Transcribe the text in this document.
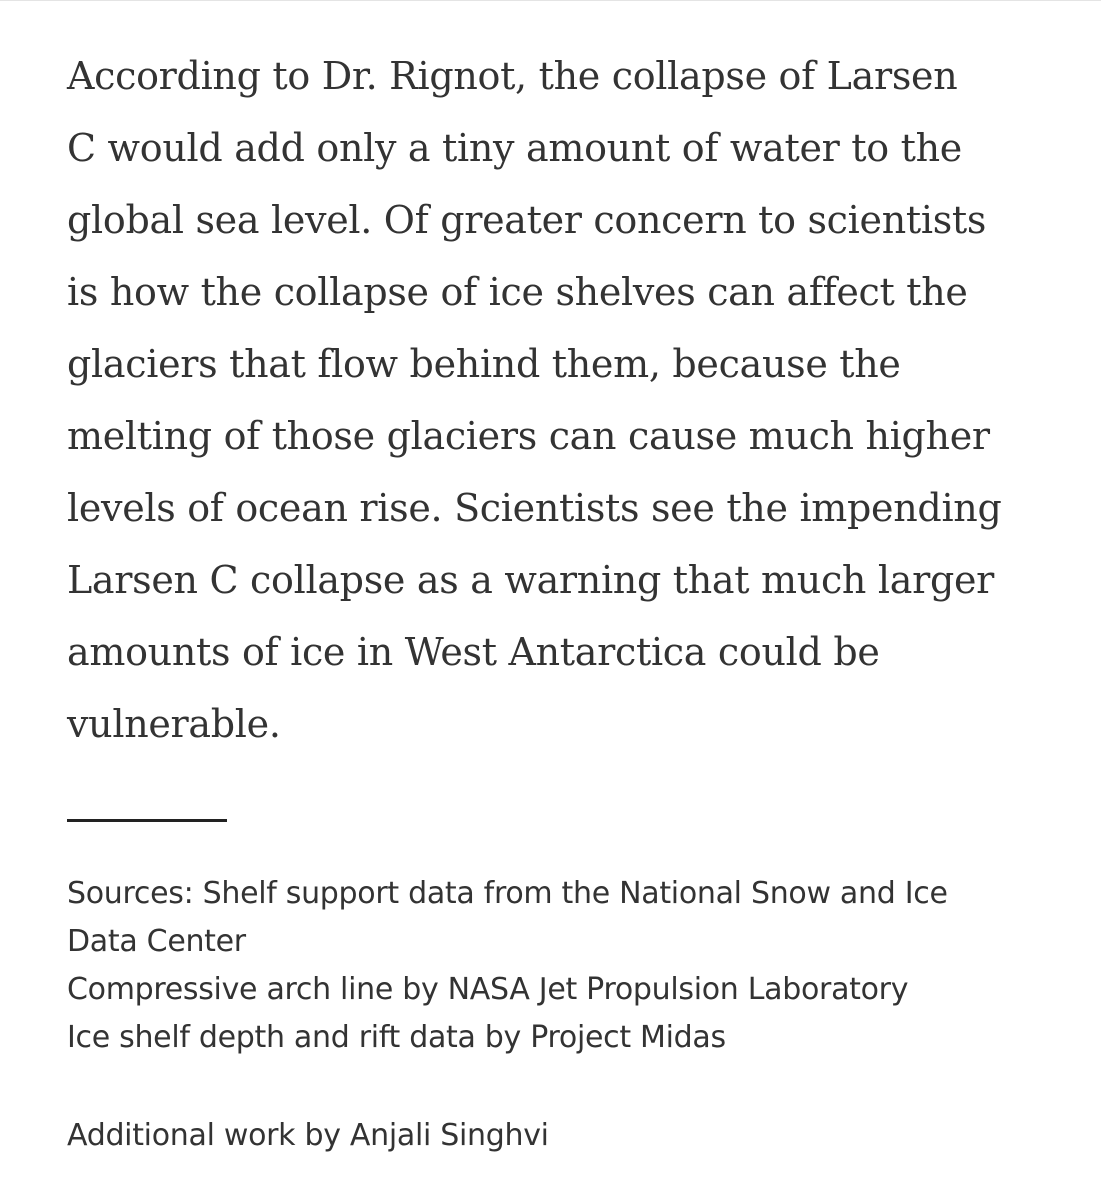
According to Dr. Rignot, the collapse of Larsen
C would add only a tiny amount of water to the
global sea level. Of greater concern to scientists
is how the collapse of ice shelves can affect the
glaciers that flow behind them, because the
melting of those glaciers can cause much higher
levels of ocean rise. Scientists see the impending
Larsen C collapse as a warning that much larger
amounts of ice in West Antarctica could be
vulnerable.

Sources: Shelf support data from the National Snow and Ice
Data Center
Compressive arch line by NASA Jet Propulsion Laboratory
Ice shelf depth and rift data by Project Midas
Additional work by Anjali Singhvi
